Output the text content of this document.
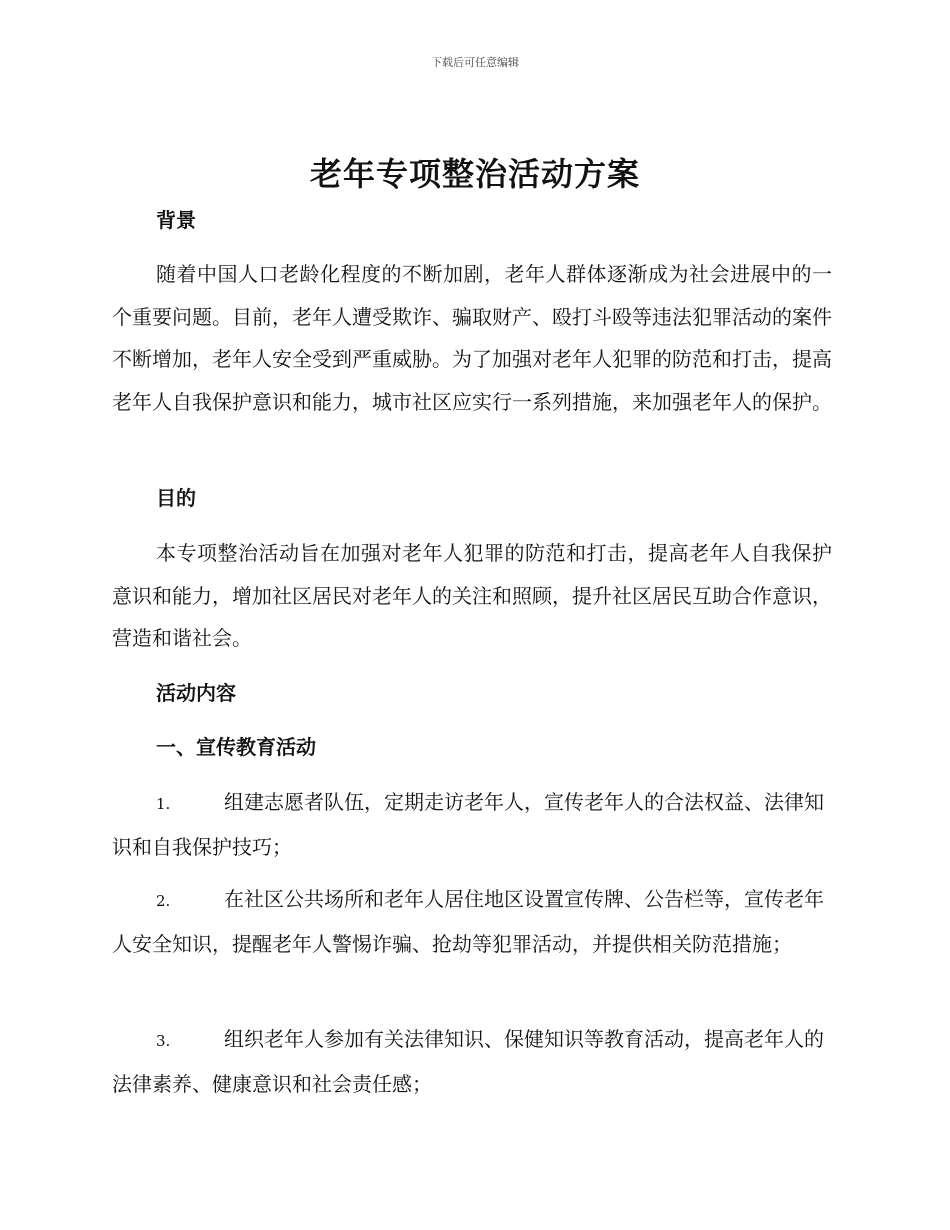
下载后可任意编辑
老年专项整治活动方案
背景
随着中国人口老龄化程度的不断加剧，老年人群体逐渐成为社会进展中的一个重要问题。目前，老年人遭受欺诈、骗取财产、殴打斗殴等违法犯罪活动的案件不断增加，老年人安全受到严重威胁。为了加强对老年人犯罪的防范和打击，提高老年人自我保护意识和能力，城市社区应实行一系列措施，来加强老年人的保护。
目的
本专项整治活动旨在加强对老年人犯罪的防范和打击，提高老年人自我保护意识和能力，增加社区居民对老年人的关注和照顾，提升社区居民互助合作意识，营造和谐社会。
活动内容
一、宣传教育活动
1.	组建志愿者队伍，定期走访老年人，宣传老年人的合法权益、法律知识和自我保护技巧；
2.	在社区公共场所和老年人居住地区设置宣传牌、公告栏等，宣传老年人安全知识，提醒老年人警惕诈骗、抢劫等犯罪活动，并提供相关防范措施；
3.	组织老年人参加有关法律知识、保健知识等教育活动，提高老年人的法律素养、健康意识和社会责任感；
